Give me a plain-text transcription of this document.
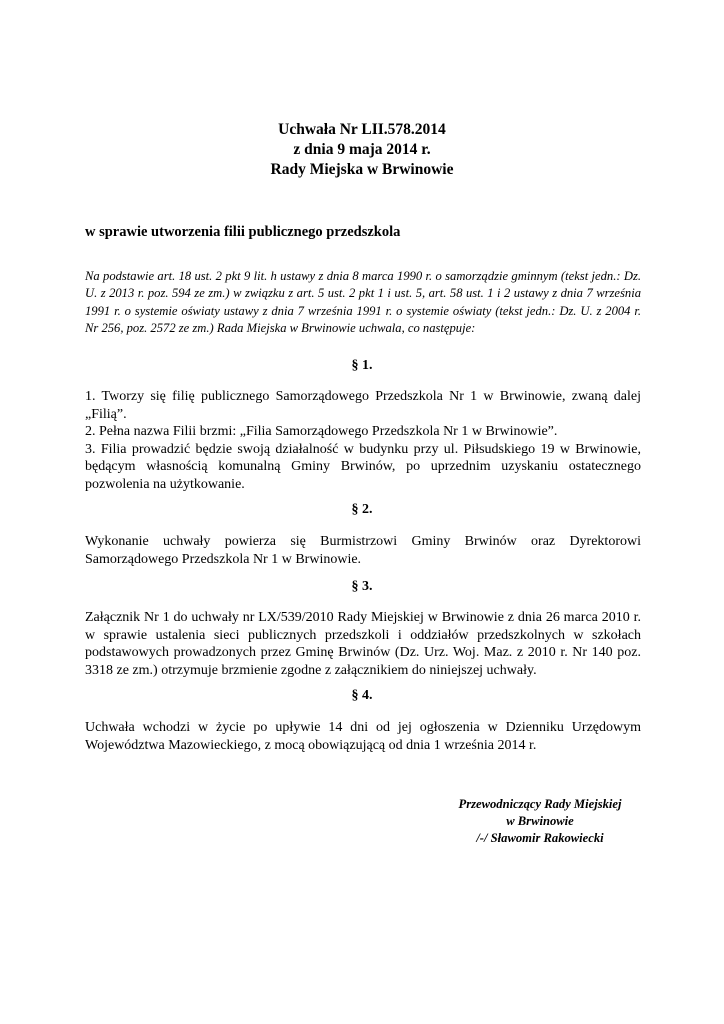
Uchwała Nr LII.578.2014
z dnia 9 maja 2014 r.
Rady Miejska w Brwinowie
w sprawie utworzenia filii publicznego przedszkola
Na podstawie art. 18 ust. 2 pkt 9 lit. h ustawy z dnia 8 marca 1990 r. o samorządzie gminnym (tekst jedn.: Dz. U. z 2013 r. poz. 594 ze zm.) w związku z art. 5 ust. 2 pkt 1 i ust. 5, art. 58 ust. 1 i 2 ustawy z dnia 7 września 1991 r. o systemie oświaty ustawy z dnia 7 września 1991 r. o systemie oświaty (tekst jedn.: Dz. U. z 2004 r. Nr 256, poz. 2572 ze zm.) Rada Miejska w Brwinowie uchwala, co następuje:
§ 1.

1. Tworzy się filię publicznego Samorządowego Przedszkola Nr 1 w Brwinowie, zwaną dalej „Filią”.

2. Pełna nazwa Filii brzmi: „Filia Samorządowego Przedszkola Nr 1 w Brwinowie”.

3. Filia prowadzić będzie swoją działalność w budynku przy ul. Piłsudskiego 19 w Brwinowie, będącym własnością komunalną Gminy Brwinów, po uprzednim uzyskaniu ostatecznego pozwolenia na użytkowanie.

§ 2.

Wykonanie uchwały powierza się Burmistrzowi Gminy Brwinów oraz Dyrektorowi Samorządowego Przedszkola Nr 1 w Brwinowie.

§ 3.

Załącznik Nr 1 do uchwały nr LX/539/2010 Rady Miejskiej w Brwinowie z dnia 26 marca 2010 r. w sprawie ustalenia sieci publicznych przedszkoli i oddziałów przedszkolnych w szkołach podstawowych prowadzonych przez Gminę Brwinów (Dz. Urz. Woj. Maz. z 2010 r. Nr 140 poz. 3318 ze zm.) otrzymuje brzmienie zgodne z załącznikiem do niniejszej uchwały.

§ 4.

Uchwała wchodzi w życie po upływie 14 dni od jej ogłoszenia w Dzienniku Urzędowym Województwa Mazowieckiego, z mocą obowiązującą od dnia 1 września 2014 r.

Przewodniczący Rady Miejskiej
w Brwinowie
/-/ Sławomir Rakowiecki
